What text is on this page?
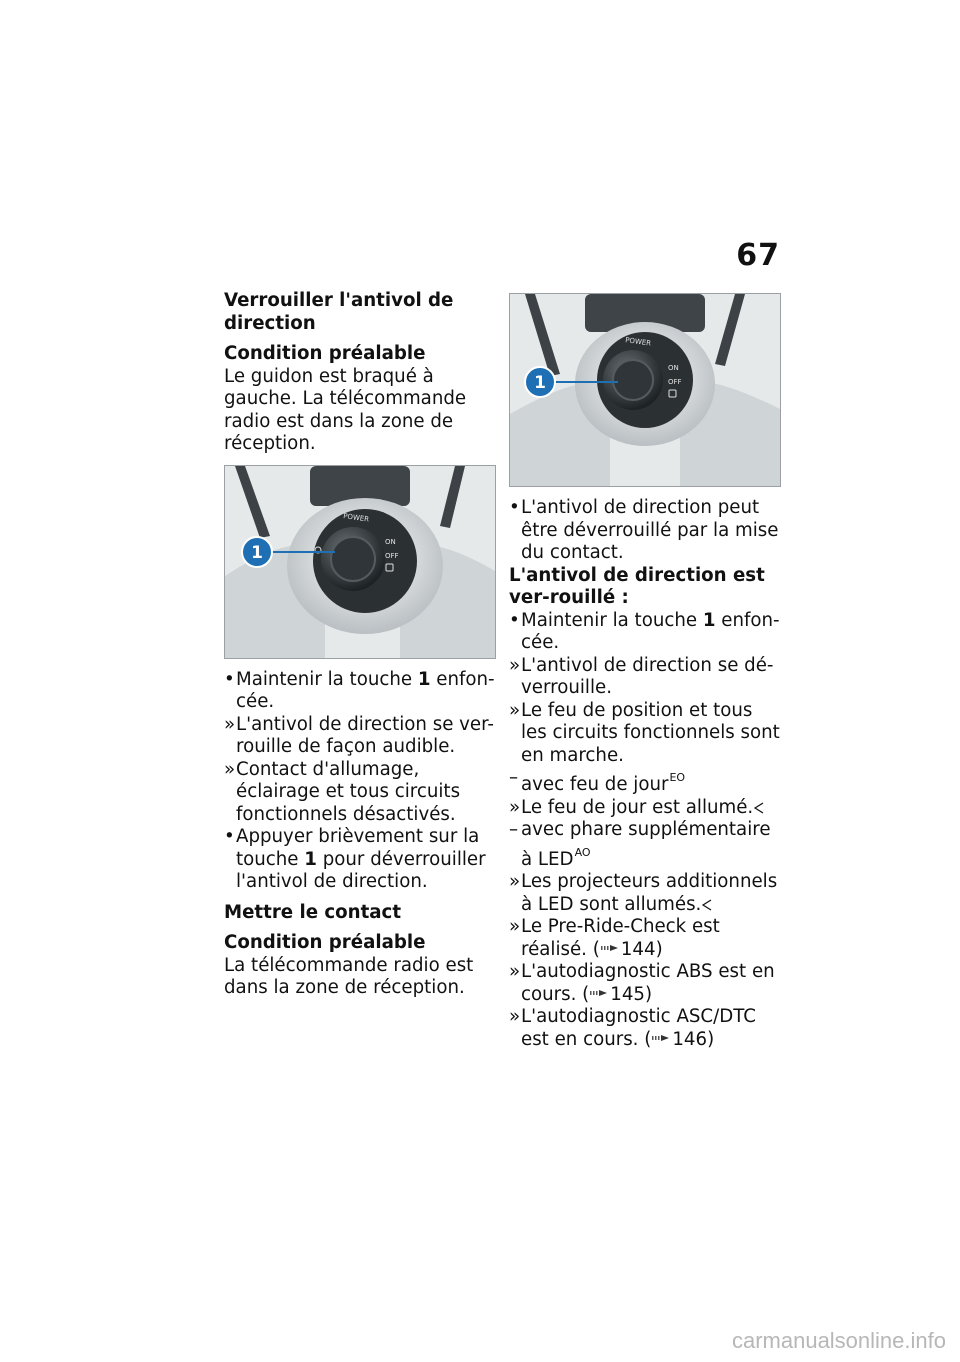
67

Verrouiller l'antivol de direction

Condition préalable

Le guidon est braqué à gauche. La télécommande radio est dans la zone de réception.

POWER
ON
OFF
1

• Maintenir la touche 1 enfon-cée.

» L'antivol de direction se ver-rouille de façon audible.

» Contact d'allumage, éclairage et tous circuits fonctionnels désactivés.

• Appuyer brièvement sur la touche 1 pour déverrouiller l'antivol de direction.

Mettre le contact

Condition préalable

La télécommande radio est dans la zone de réception.

POWER
ON
OFF
1

• L'antivol de direction peut être déverrouillé par la mise du contact.

L'antivol de direction est ver-rouillé :

• Maintenir la touche 1 enfon-cée.

» L'antivol de direction se dé-verrouille.

» Le feu de position et tous les circuits fonctionnels sont en marche.

– avec feu de jour$^{EO}$

» Le feu de jour est allumé.

– avec phare supplémentaire à $LED^{AO}$

» Les projecteurs additionnels à LED sont allumés.

» Le Pre-Ride-Check est réalisé. ( 144)

» L'autodiagnostic ABS est en cours. ( 145)

» L'autodiagnostic ASC/DTC est en cours. ( 146)

carmanualsonline.info
